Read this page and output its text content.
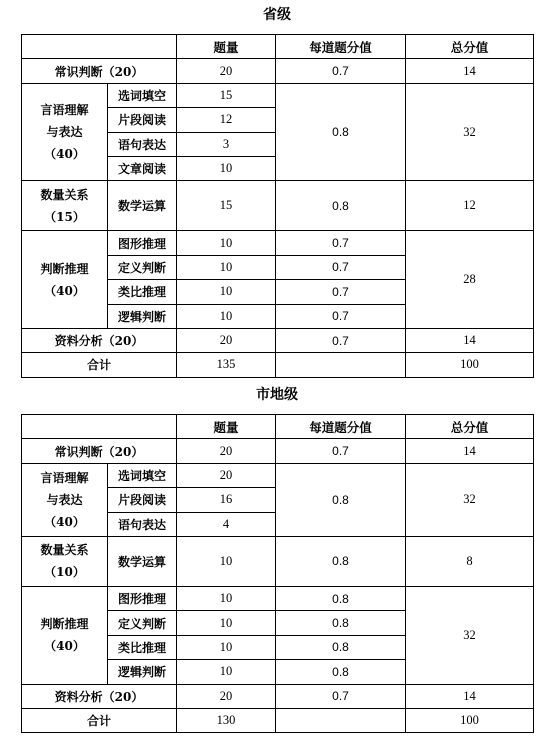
省级
		题量	每道题分值	总分值
常识判断（20）		20	0.7	14

言语理解
与表达
（40）	选词填空	15	0.8	32
	片段阅读	12		
	语句表达	3		
	文章阅读	10		

数量关系
（15）	数学运算	15	0.8	12

判断推理
（40）	图形推理	10	0.7	28
	定义判断	10	0.7	
	类比推理	10	0.7	
	逻辑判断	10	0.7	
资料分析（20）		20	0.7	14
合计		135		100
市地级
		题量	每道题分值	总分值
常识判断（20）		20	0.7	14

言语理解
与表达
（40）	选词填空	20	0.8	32
	片段阅读	16		
	语句表达	4		

数量关系
（10）	数学运算	10	0.8	8

判断推理
（40）	图形推理	10	0.8	32
	定义判断	10	0.8	
	类比推理	10	0.8	
	逻辑判断	10	0.8	
资料分析（20）		20	0.7	14
合计		130		100
